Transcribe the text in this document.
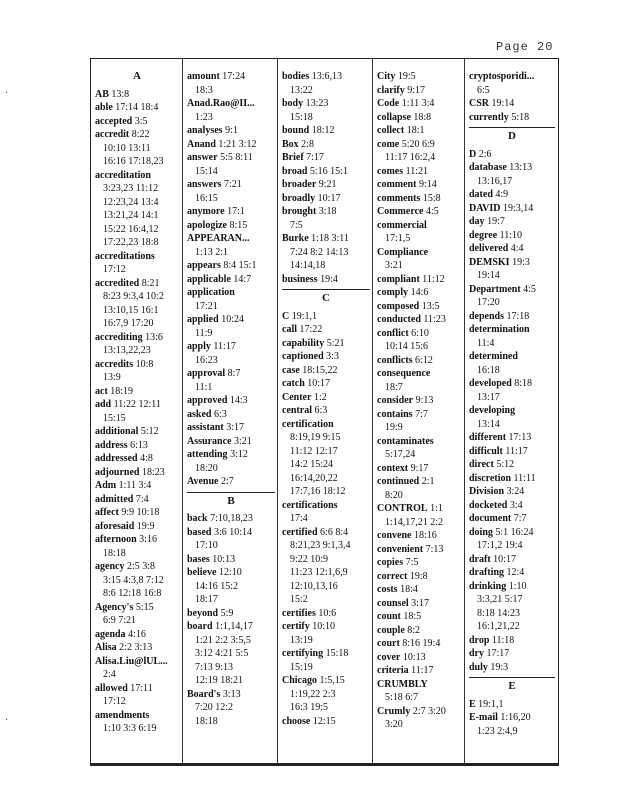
Page 20
·
·
A
AB 13:8
able 17:14 18:4
accepted 3:5
accredit 8:22
10:10 13:11
16:16 17:18,23
accreditation
3:23,23 11:12
12:23,24 13:4
13:21,24 14:1
15:22 16:4,12
17:22,23 18:8
accreditations
17:12
accredited 8:21
8:23 9:3,4 10:2
13:10,15 16:1
16:7,9 17:20
accrediting 13:6
13:13,22,23
accredits 10:8
13:9
act 18:19
add 11:22 12:11
15:15
additional 5:12
address 6:13
addressed 4:8
adjourned 18:23
Adm 1:11 3:4
admitted 7:4
affect 9:9 10:18
aforesaid 19:9
afternoon 3:16
18:18
agency 2:5 3:8
3:15 4:3,8 7:12
8:6 12:18 16:8
Agency's 5:15
6:9 7:21
agenda 4:16
Alisa 2:2 3:13
Alisa.Liu@lUL...
2:4
allowed 17:11
17:12
amendments
1:10 3:3 6:19
amount 17:24
18:3
Anad.Rao@II...
1:23
analyses 9:1
Anand 1:21 3:12
answer 5:5 8:11
15:14
answers 7:21
16:15
anymore 17:1
apologize 8:15
APPEARAN...
1:13 2:1
appears 8:4 15:1
applicable 14:7
application
17:21
applied 10:24
11:9
apply 11:17
16:23
approval 8:7
11:1
approved 14:3
asked 6:3
assistant 3:17
Assurance 3:21
attending 3:12
18:20
Avenue 2:7
B
back 7:10,18,23
based 3:6 10:14
17:10
bases 10:13
believe 12:10
14:16 15:2
18:17
beyond 5:9
board 1:1,14,17
1:21 2:2 3:5,5
3:12 4:21 5:5
7:13 9:13
12:19 18:21
Board's 3:13
7:20 12:2
18:18
bodies 13:6,13
13:22
body 13:23
15:18
bound 18:12
Box 2:8
Brief 7:17
broad 5:16 15:1
broader 9:21
broadly 10:17
brought 3:18
7:5
Burke 1:18 3:11
7:24 8:2 14:13
14:14,18
business 19:4
C
C 19:1,1
call 17:22
capability 5:21
captioned 3:3
case 18:15,22
catch 10:17
Center 1:2
central 6:3
certification
8:19,19 9:15
11:12 12:17
14:2 15:24
16:14,20,22
17:7,16 18:12
certifications
17:4
certified 6:6 8:4
8:21,23 9:1,3,4
9:22 10:9
11:23 12:1,6,9
12:10,13,16
15:2
certifies 10:6
certify 10:10
13:19
certifying 15:18
15:19
Chicago 1:5,15
1:19,22 2:3
16:3 19:5
choose 12:15
City 19:5
clarify 9:17
Code 1:11 3:4
collapse 18:8
collect 18:1
come 5:20 6:9
11:17 16:2,4
comes 11:21
comment 9:14
comments 15:8
Commerce 4:5
commercial
17:1,5
Compliance
3:21
compliant 11:12
comply 14:6
composed 13:5
conducted 11:23
conflict 6:10
10:14 15:6
conflicts 6:12
consequence
18:7
consider 9:13
contains 7:7
19:9
contaminates
5:17,24
context 9:17
continued 2:1
8:20
CONTROL 1:1
1:14,17,21 2:2
convene 18:16
convenient 7:13
copies 7:5
correct 19:8
costs 18:4
counsel 3:17
count 18:5
couple 8:2
court 8:16 19:4
cover 10:13
criteria 11:17
CRUMBLY
5:18 6:7
Crumly 2:7 3:20
3:20
cryptosporidi...
6:5
CSR 19:14
currently 5:18
D
D 2:6
database 13:13
13:16,17
dated 4:9
DAVID 19:3,14
day 19:7
degree 11:10
delivered 4:4
DEMSKI 19:3
19:14
Department 4:5
17:20
depends 17:18
determination
11:4
determined
16:18
developed 8:18
13:17
developing
13:14
different 17:13
difficult 11:17
direct 5:12
discretion 11:11
Division 3:24
docketed 3:4
document 7:7
doing 5:1 16:24
17:1,2 19:4
draft 10:17
drafting 12:4
drinking 1:10
3:3,21 5:17
8:18 14:23
16:1,21,22
drop 11:18
dry 17:17
duly 19:3
E
E 19:1,1
E-mail 1:16,20
1:23 2:4,9
